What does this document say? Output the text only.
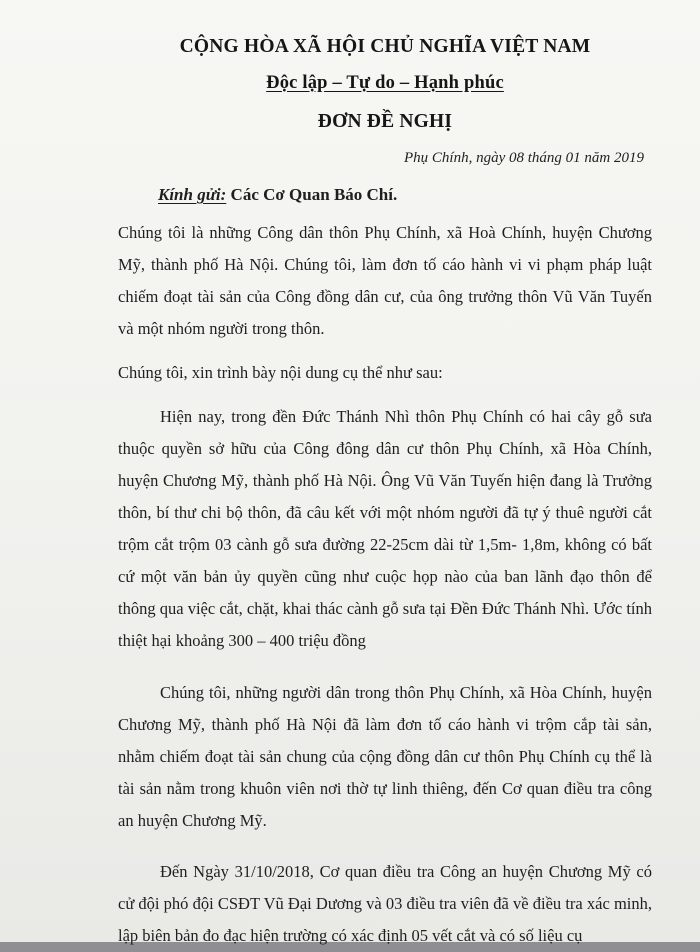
CỘNG HÒA XÃ HỘI CHỦ NGHĨA VIỆT NAM
Độc lập – Tự do – Hạnh phúc
ĐƠN ĐỀ NGHỊ
Phụ Chính, ngày 08 tháng 01 năm 2019
Kính gửi: Các Cơ Quan Báo Chí.

Chúng tôi là những Công dân thôn Phụ Chính, xã Hoà Chính, huyện Chương Mỹ, thành phố Hà Nội. Chúng tôi, làm đơn tố cáo hành vi vi phạm pháp luật chiếm đoạt tài sản của Công đồng dân cư, của ông trưởng thôn Vũ Văn Tuyến và một nhóm người trong thôn.

Chúng tôi, xin trình bày nội dung cụ thể như sau:

Hiện nay, trong đền Đức Thánh Nhì thôn Phụ Chính có hai cây gỗ sưa thuộc quyền sở hữu của Công đông dân cư thôn Phụ Chính, xã Hòa Chính, huyện Chương Mỹ, thành phố Hà Nội. Ông Vũ Văn Tuyến hiện đang là Trưởng thôn, bí thư chi bộ thôn, đã câu kết với một nhóm người đã tự ý thuê người cắt trộm cắt trộm 03 cành gỗ sưa đường 22-25cm dài từ 1,5m- 1,8m, không có bất cứ một văn bản ủy quyền cũng như cuộc họp nào của ban lãnh đạo thôn để thông qua việc cắt, chặt, khai thác cành gỗ sưa tại Đền Đức Thánh Nhì. Ước tính thiệt hại khoảng 300 – 400 triệu đồng

Chúng tôi, những người dân trong thôn Phụ Chính, xã Hòa Chính, huyện Chương Mỹ, thành phố Hà Nội đã làm đơn tố cáo hành vi trộm cắp tài sản, nhằm chiếm đoạt tài sản chung của cộng đồng dân cư thôn Phụ Chính cụ thể là tài sản nằm trong khuôn viên nơi thờ tự linh thiêng, đến Cơ quan điều tra công an huyện Chương Mỹ.

Đến Ngày 31/10/2018, Cơ quan điều tra Công an huyện Chương Mỹ có cử đội phó đội CSĐT Vũ Đại Dương và 03 điều tra viên đã về điều tra xác minh, lập biên bản đo đạc hiện trường có xác định 05 vết cắt và có số liệu cụ
